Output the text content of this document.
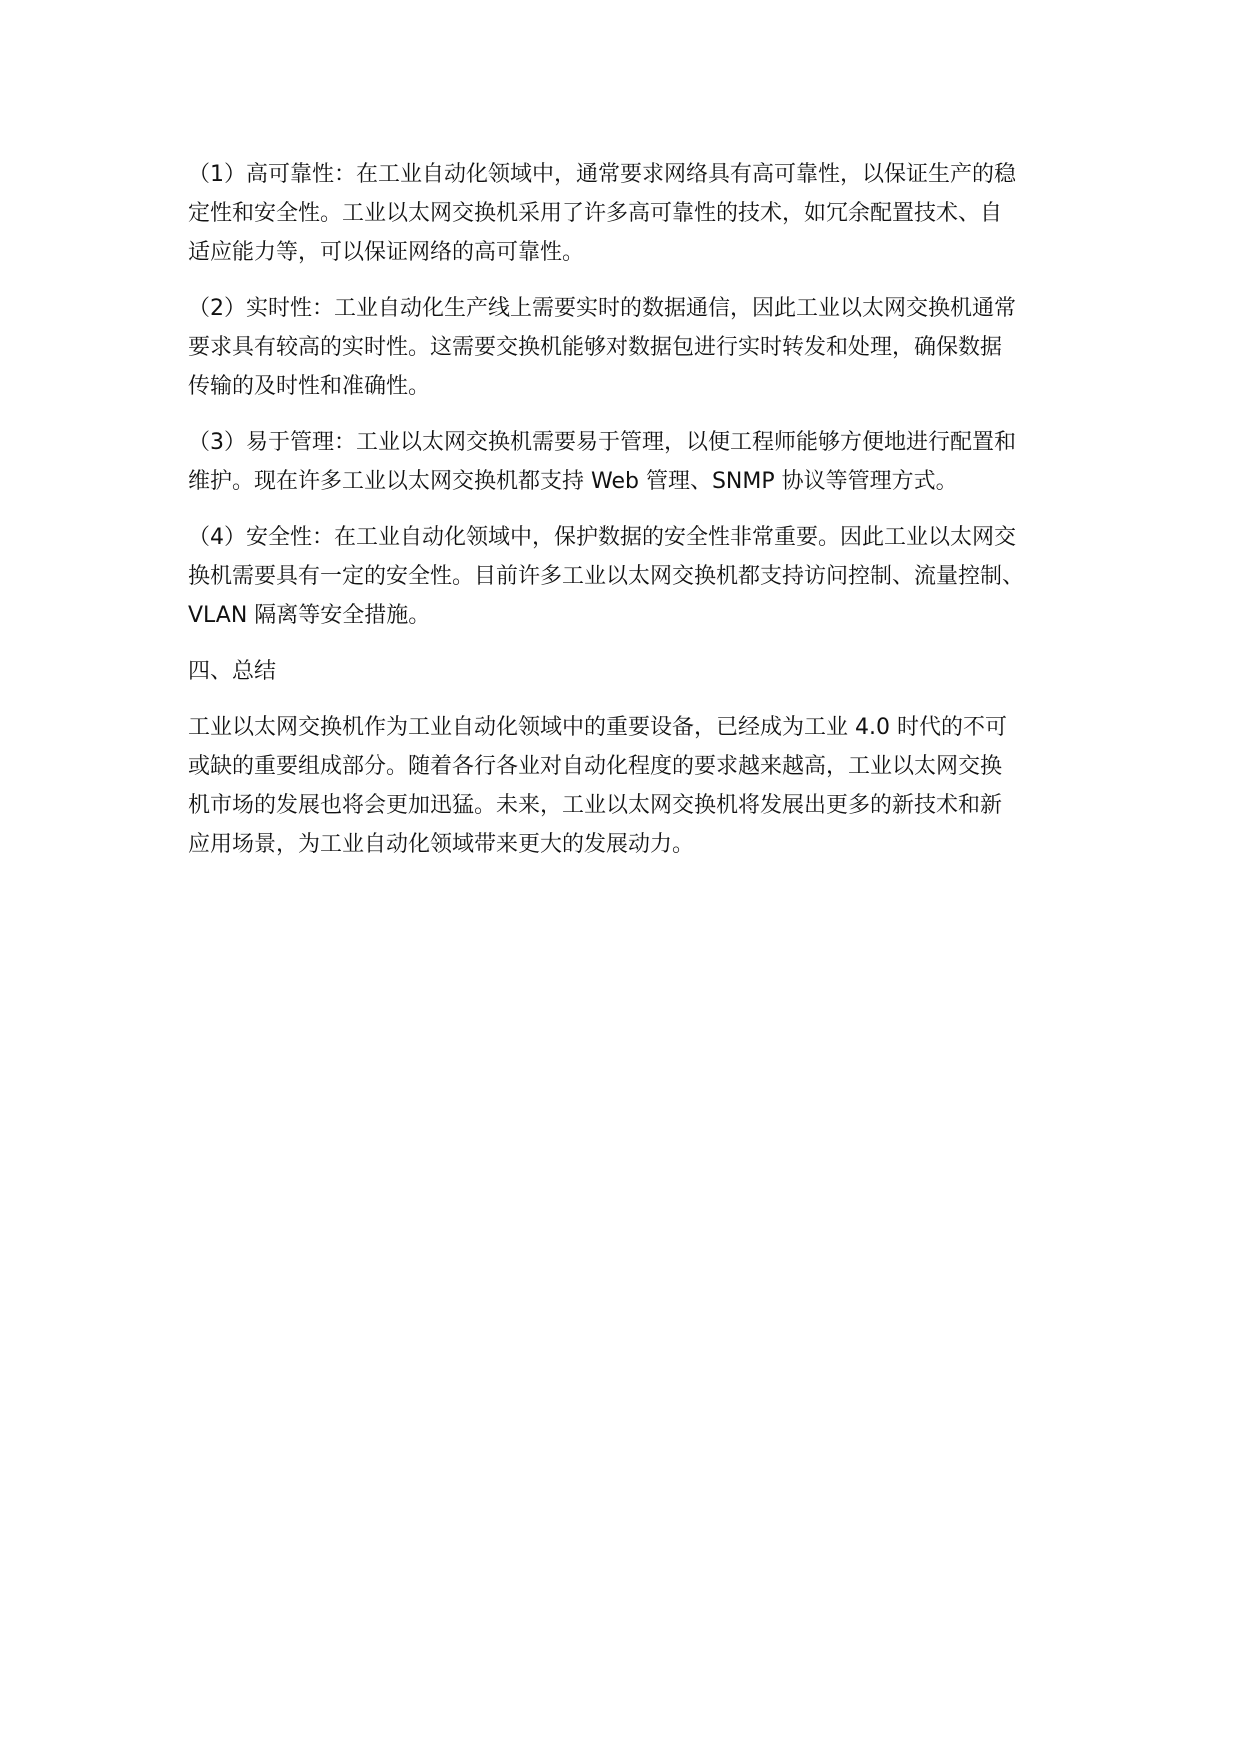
（1）高可靠性：在工业自动化领域中，通常要求网络具有高可靠性，以保证生产的稳
定性和安全性。工业以太网交换机采用了许多高可靠性的技术，如冗余配置技术、自
适应能力等，可以保证网络的高可靠性。

（2）实时性：工业自动化生产线上需要实时的数据通信，因此工业以太网交换机通常
要求具有较高的实时性。这需要交换机能够对数据包进行实时转发和处理，确保数据
传输的及时性和准确性。

（3）易于管理：工业以太网交换机需要易于管理，以便工程师能够方便地进行配置和
维护。现在许多工业以太网交换机都支持 Web 管理、SNMP 协议等管理方式。

（4）安全性：在工业自动化领域中，保护数据的安全性非常重要。因此工业以太网交
换机需要具有一定的安全性。目前许多工业以太网交换机都支持访问控制、流量控制、
VLAN 隔离等安全措施。

四、总结

工业以太网交换机作为工业自动化领域中的重要设备，已经成为工业 4.0 时代的不可
或缺的重要组成部分。随着各行各业对自动化程度的要求越来越高，工业以太网交换
机市场的发展也将会更加迅猛。未来，工业以太网交换机将发展出更多的新技术和新
应用场景，为工业自动化领域带来更大的发展动力。
